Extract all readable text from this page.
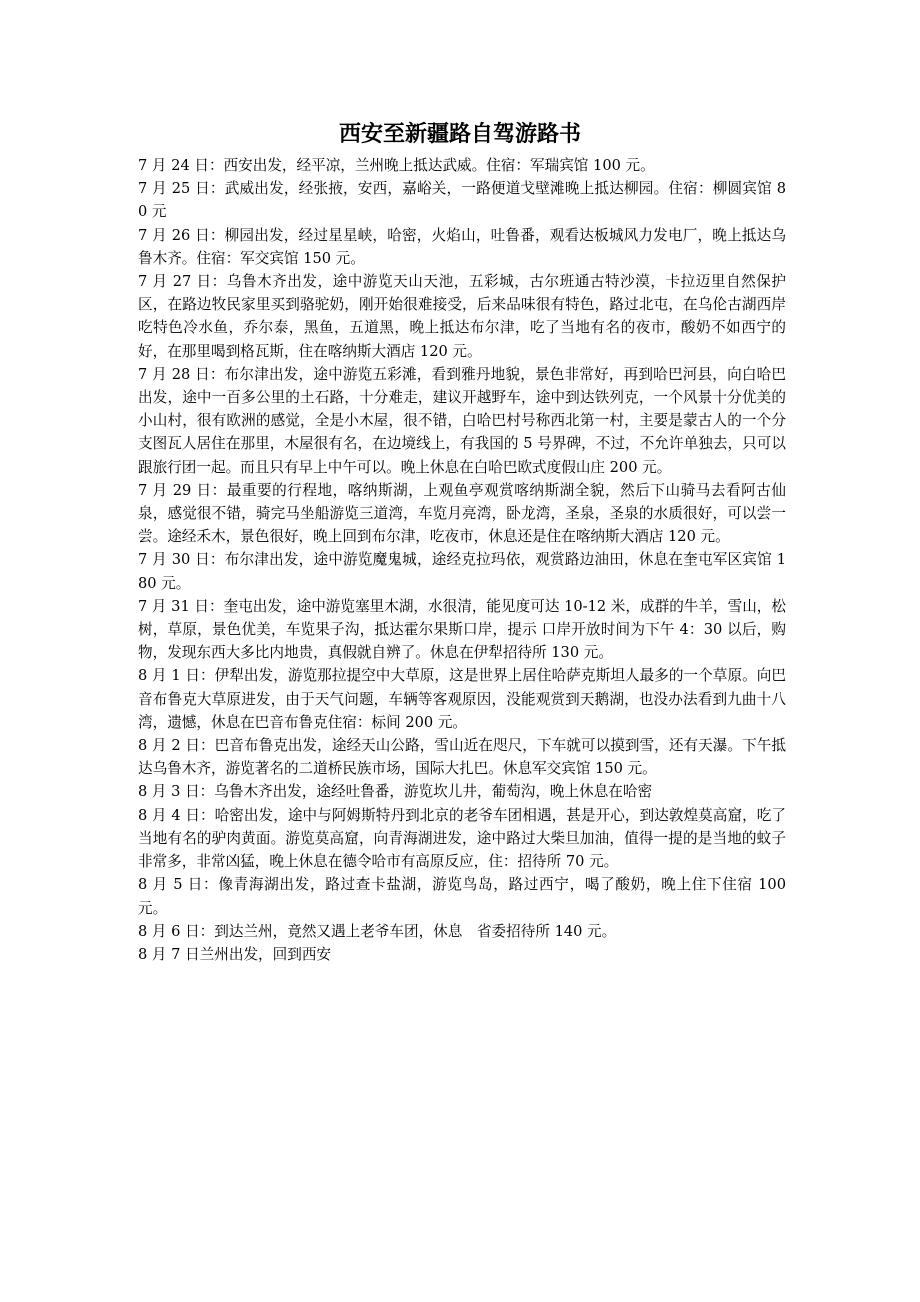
西安至新疆路自驾游路书

7 月 24 日：西安出发，经平凉，兰州晚上抵达武威。住宿：军瑞宾馆 100 元。

7 月 25 日：武威出发，经张掖，安西，嘉峪关，一路便道戈壁滩晚上抵达柳园。住宿：柳圆宾馆 80 元

7 月 26 日：柳园出发，经过星星峡，哈密，火焰山，吐鲁番，观看达板城风力发电厂，晚上抵达乌鲁木齐。住宿：军交宾馆 150 元。

7 月 27 日：乌鲁木齐出发，途中游览天山天池，五彩城，古尔班通古特沙漠，卡拉迈里自然保护区，在路边牧民家里买到骆驼奶，刚开始很难接受，后来品味很有特色，路过北屯，在乌伦古湖西岸吃特色冷水鱼，乔尔泰，黑鱼，五道黑，晚上抵达布尔津，吃了当地有名的夜市，酸奶不如西宁的好，在那里喝到格瓦斯，住在喀纳斯大酒店 120 元。

7 月 28 日：布尔津出发，途中游览五彩滩，看到雅丹地貌，景色非常好，再到哈巴河县，向白哈巴出发，途中一百多公里的土石路，十分难走，建议开越野车，途中到达铁列克，一个风景十分优美的小山村，很有欧洲的感觉，全是小木屋，很不错，白哈巴村号称西北第一村，主要是蒙古人的一个分支图瓦人居住在那里，木屋很有名，在边境线上，有我国的 5 号界碑，不过，不允许单独去，只可以跟旅行团一起。而且只有早上中午可以。晚上休息在白哈巴欧式度假山庄 200 元。

7 月 29 日：最重要的行程地，喀纳斯湖，上观鱼亭观赏喀纳斯湖全貌，然后下山骑马去看阿古仙泉，感觉很不错，骑完马坐船游览三道湾，车览月亮湾，卧龙湾，圣泉，圣泉的水质很好，可以尝一尝。途经禾木，景色很好，晚上回到布尔津，吃夜市，休息还是住在喀纳斯大酒店 120 元。

7 月 30 日：布尔津出发，途中游览魔鬼城，途经克拉玛依，观赏路边油田，休息在奎屯军区宾馆 180 元。

7 月 31 日：奎屯出发，途中游览塞里木湖，水很清，能见度可达 10-12 米，成群的牛羊，雪山，松树，草原，景色优美，车览果子沟，抵达霍尔果斯口岸，提示 口岸开放时间为下午 4：30 以后，购物，发现东西大多比内地贵，真假就自辨了。休息在伊犁招待所 130 元。

8 月 1 日：伊犁出发，游览那拉提空中大草原，这是世界上居住哈萨克斯坦人最多的一个草原。向巴音布鲁克大草原进发，由于天气问题，车辆等客观原因，没能观赏到天鹅湖，也没办法看到九曲十八湾，遗憾，休息在巴音布鲁克住宿：标间 200 元。

8 月 2 日：巴音布鲁克出发，途经天山公路，雪山近在咫尺，下车就可以摸到雪，还有天瀑。下午抵达乌鲁木齐，游览著名的二道桥民族市场，国际大扎巴。休息军交宾馆 150 元。

8 月 3 日：乌鲁木齐出发，途经吐鲁番，游览坎儿井，葡萄沟，晚上休息在哈密

8 月 4 日：哈密出发，途中与阿姆斯特丹到北京的老爷车团相遇，甚是开心，到达敦煌莫高窟，吃了当地有名的驴肉黄面。游览莫高窟，向青海湖进发，途中路过大柴旦加油，值得一提的是当地的蚊子非常多，非常凶猛，晚上休息在德令哈市有高原反应，住：招待所 70 元。

8 月 5 日：像青海湖出发，路过查卡盐湖，游览鸟岛，路过西宁，喝了酸奶，晚上住下住宿 100 元。

8 月 6 日：到达兰州，竟然又遇上老爷车团，休息　省委招待所 140 元。

8 月 7 日兰州出发，回到西安
